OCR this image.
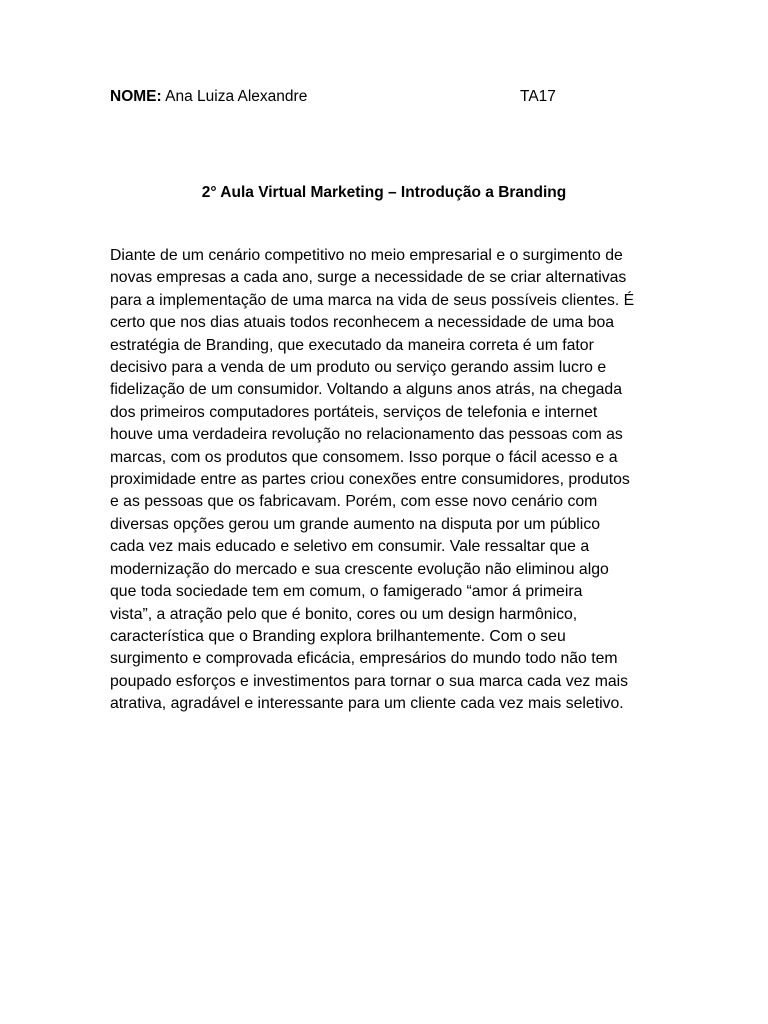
NOME: Ana Luiza Alexandre	TA17
2° Aula Virtual Marketing – Introdução a Branding
Diante de um cenário competitivo no meio empresarial e o surgimento de
novas empresas a cada ano, surge a necessidade de se criar alternativas
para a implementação de uma marca na vida de seus possíveis clientes. É
certo que nos dias atuais todos reconhecem a necessidade de uma boa
estratégia de Branding, que executado da maneira correta é um fator
decisivo para a venda de um produto ou serviço gerando assim lucro e
fidelização de um consumidor. Voltando a alguns anos atrás, na chegada
dos primeiros computadores portáteis, serviços de telefonia e internet
houve uma verdadeira revolução no relacionamento das pessoas com as
marcas, com os produtos que consomem. Isso porque o fácil acesso e a
proximidade entre as partes criou conexões entre consumidores, produtos
e as pessoas que os fabricavam. Porém, com esse novo cenário com
diversas opções gerou um grande aumento na disputa por um público
cada vez mais educado e seletivo em consumir. Vale ressaltar que a
modernização do mercado e sua crescente evolução não eliminou algo
que toda sociedade tem em comum, o famigerado “amor á primeira
vista”, a atração pelo que é bonito, cores ou um design harmônico,
característica que o Branding explora brilhantemente. Com o seu
surgimento e comprovada eficácia, empresários do mundo todo não tem
poupado esforços e investimentos para tornar o sua marca cada vez mais
atrativa, agradável e interessante para um cliente cada vez mais seletivo.
